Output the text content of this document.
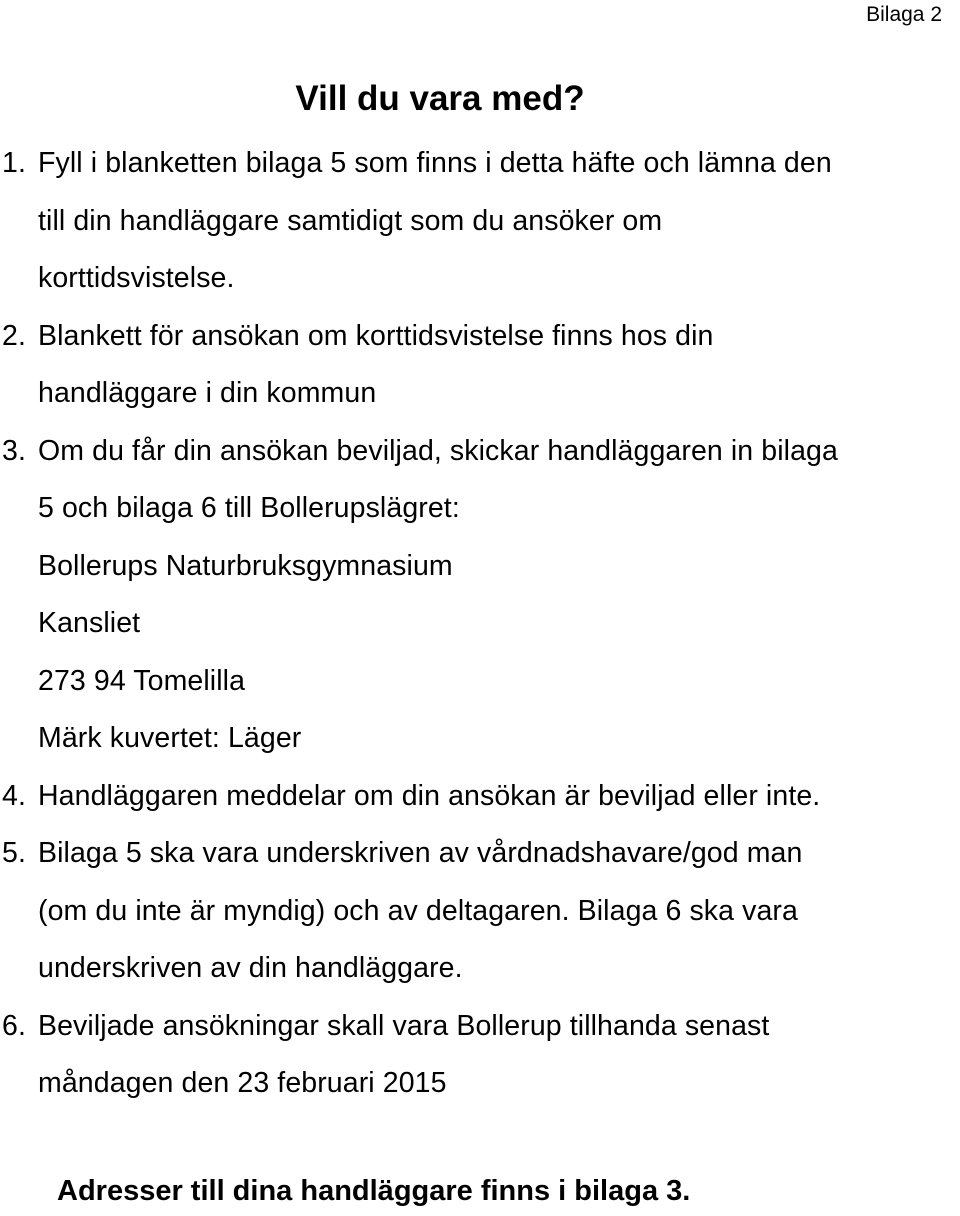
Bilaga 2
Vill du vara med?
1. Fyll i blanketten bilaga 5 som finns i detta häfte och lämna den
till din handläggare samtidigt som du ansöker om
korttidsvistelse.
2. Blankett för ansökan om korttidsvistelse finns hos din
handläggare i din kommun
3. Om du får din ansökan beviljad, skickar handläggaren in bilaga
5 och bilaga 6 till Bollerupslägret:
Bollerups Naturbruksgymnasium
Kansliet
273 94 Tomelilla
Märk kuvertet: Läger
4. Handläggaren meddelar om din ansökan är beviljad eller inte.
5. Bilaga 5 ska vara underskriven av vårdnadshavare/god man
(om du inte är myndig) och av deltagaren. Bilaga 6 ska vara
underskriven av din handläggare.
6. Beviljade ansökningar skall vara Bollerup tillhanda senast
måndagen den 23 februari 2015

Adresser till dina handläggare finns i bilaga 3.
